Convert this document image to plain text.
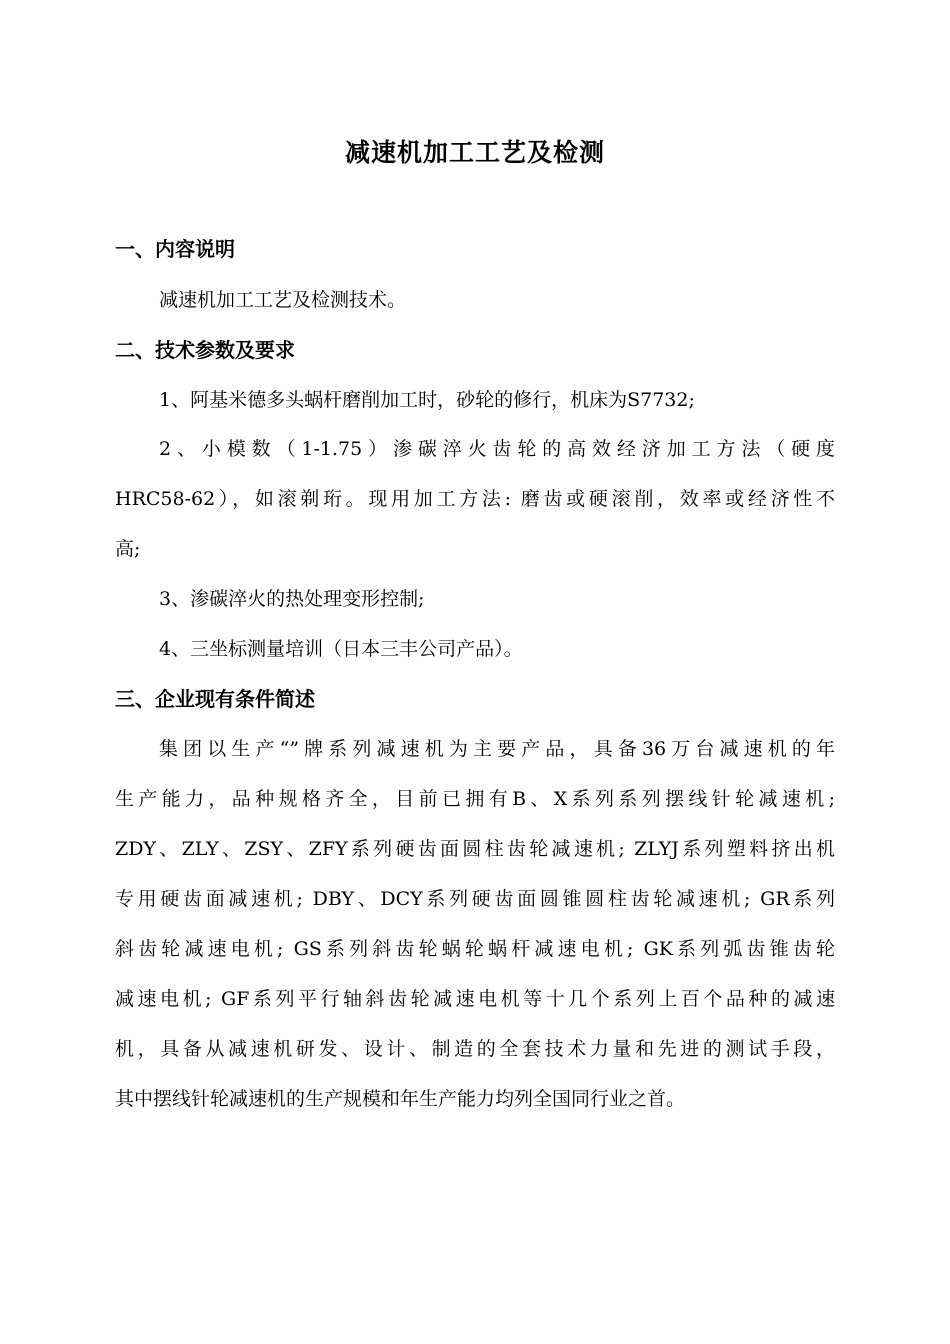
减速机加工工艺及检测
一、内容说明
减速机加工工艺及检测技术。
二、技术参数及要求
1、阿基米德多头蜗杆磨削加工时，砂轮的修行，机床为S7732;
2、小模数（1-1.75）渗碳淬火齿轮的高效经济加工方法（硬度
HRC58-62），如滚剃珩。现用加工方法: 磨齿或硬滚削，效率或经济性不
高;
3、渗碳淬火的热处理变形控制;
4、三坐标测量培训（日本三丰公司产品）。
三、企业现有条件简述
集团以生产“”牌系列减速机为主要产品，具备36万台减速机的年
生产能力，品种规格齐全，目前已拥有B、X系列系列摆线针轮减速机;
ZDY、ZLY、ZSY、ZFY系列硬齿面圆柱齿轮减速机; ZLYJ系列塑料挤出机
专用硬齿面减速机; DBY、DCY系列硬齿面圆锥圆柱齿轮减速机; GR系列
斜齿轮减速电机; GS系列斜齿轮蜗轮蜗杆减速电机; GK系列弧齿锥齿轮
减速电机; GF系列平行轴斜齿轮减速电机等十几个系列上百个品种的减速
机，具备从减速机研发、设计、制造的全套技术力量和先进的测试手段，
其中摆线针轮减速机的生产规模和年生产能力均列全国同行业之首。
